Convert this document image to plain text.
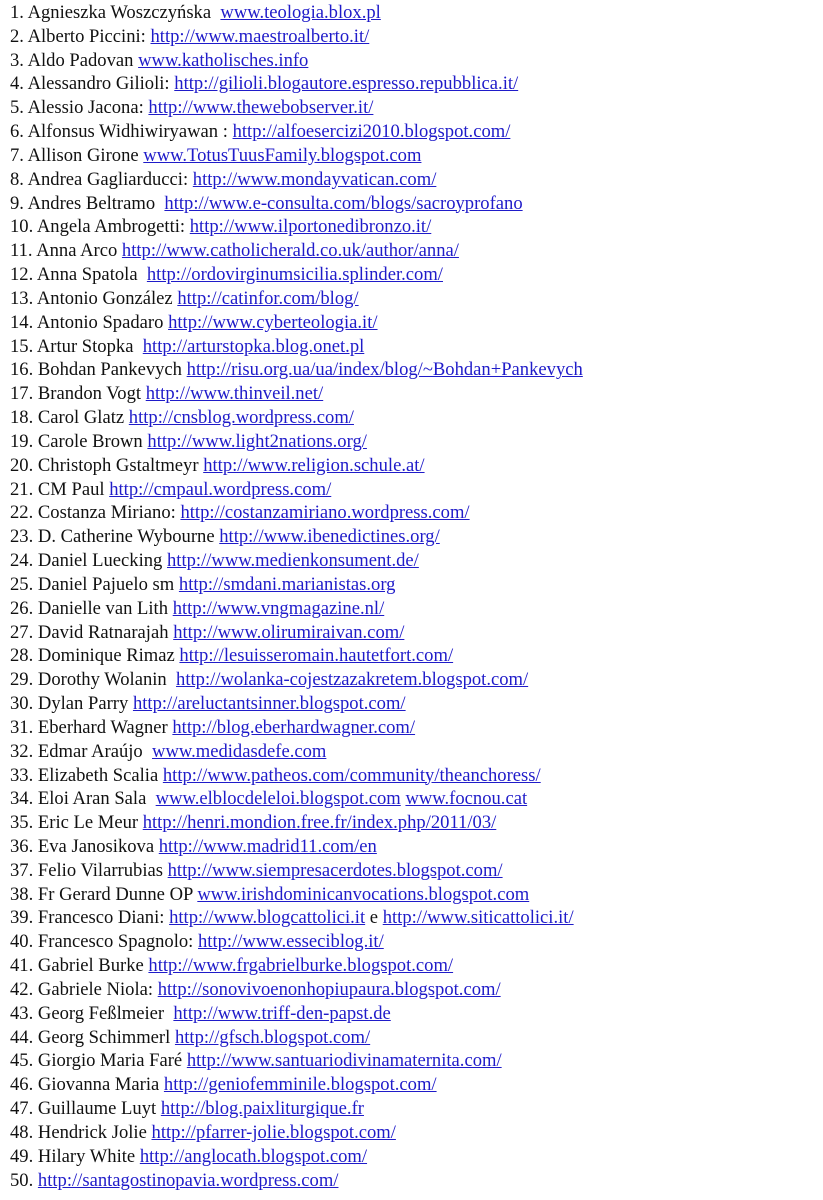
1. Agnieszka Woszczyńska www.teologia.blox.pl
2. Alberto Piccini: http://www.maestroalberto.it/
3. Aldo Padovan www.katholisches.info
4. Alessandro Gilioli: http://gilioli.blogautore.espresso.repubblica.it/
5. Alessio Jacona: http://www.thewebobserver.it/
6. Alfonsus Widhiwiryawan : http://alfoesercizi2010.blogspot.com/
7. Allison Girone www.TotusTuusFamily.blogspot.com
8. Andrea Gagliarducci: http://www.mondayvatican.com/
9. Andres Beltramo http://www.e-consulta.com/blogs/sacroyprofano
10. Angela Ambrogetti: http://www.ilportonedibronzo.it/
11. Anna Arco http://www.catholicherald.co.uk/author/anna/
12. Anna Spatola http://ordovirginumsicilia.splinder.com/
13. Antonio González http://catinfor.com/blog/
14. Antonio Spadaro http://www.cyberteologia.it/
15. Artur Stopka http://arturstopka.blog.onet.pl
16. Bohdan Pankevych http://risu.org.ua/ua/index/blog/~Bohdan+Pankevych
17. Brandon Vogt http://www.thinveil.net/
18. Carol Glatz http://cnsblog.wordpress.com/
19. Carole Brown http://www.light2nations.org/
20. Christoph Gstaltmeyr http://www.religion.schule.at/
21. CM Paul http://cmpaul.wordpress.com/
22. Costanza Miriano: http://costanzamiriano.wordpress.com/
23. D. Catherine Wybourne http://www.ibenedictines.org/
24. Daniel Luecking http://www.medienkonsument.de/
25. Daniel Pajuelo sm http://smdani.marianistas.org
26. Danielle van Lith http://www.vngmagazine.nl/
27. David Ratnarajah http://www.olirumiraivan.com/
28. Dominique Rimaz http://lesuisseromain.hautetfort.com/
29. Dorothy Wolanin http://wolanka-cojestzazakretem.blogspot.com/
30. Dylan Parry http://areluctantsinner.blogspot.com/
31. Eberhard Wagner http://blog.eberhardwagner.com/
32. Edmar Araújo www.medidasdefe.com
33. Elizabeth Scalia http://www.patheos.com/community/theanchoress/
34. Eloi Aran Sala www.elblocdeleloi.blogspot.com www.focnou.cat
35. Eric Le Meur http://henri.mondion.free.fr/index.php/2011/03/
36. Eva Janosikova http://www.madrid11.com/en
37. Felio Vilarrubias http://www.siempresacerdotes.blogspot.com/
38. Fr Gerard Dunne OP www.irishdominicanvocations.blogspot.com
39. Francesco Diani: http://www.blogcattolici.it e http://www.siticattolici.it/
40. Francesco Spagnolo: http://www.esseciblog.it/
41. Gabriel Burke http://www.frgabrielburke.blogspot.com/
42. Gabriele Niola: http://sonovivoenonhopiupaura.blogspot.com/
43. Georg Feßlmeier http://www.triff-den-papst.de
44. Georg Schimmerl http://gfsch.blogspot.com/
45. Giorgio Maria Faré http://www.santuariodivinamaternita.com/
46. Giovanna Maria http://geniofemminile.blogspot.com/
47. Guillaume Luyt http://blog.paixliturgique.fr
48. Hendrick Jolie http://pfarrer-jolie.blogspot.com/
49. Hilary White http://anglocath.blogspot.com/
50. http://santagostinopavia.wordpress.com/
